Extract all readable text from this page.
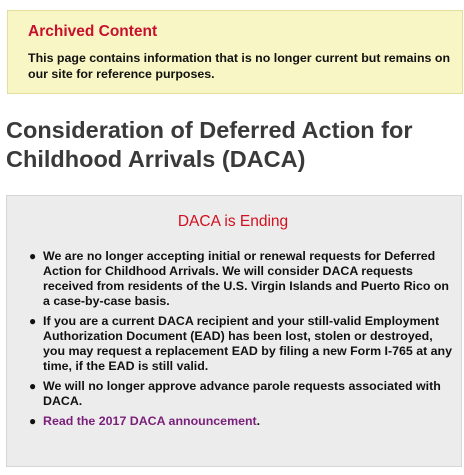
Archived Content

This page contains information that is no longer current but remains on our site for reference purposes.

Consideration of Deferred Action for Childhood Arrivals (DACA)
DACA is Ending
● We are no longer accepting initial or renewal requests for Deferred Action for Childhood Arrivals. We will consider DACA requests received from residents of the U.S. Virgin Islands and Puerto Rico on a case-by-case basis.
● If you are a current DACA recipient and your still-valid Employment Authorization Document (EAD) has been lost, stolen or destroyed, you may request a replacement EAD by filing a new Form I-765 at any time, if the EAD is still valid.
● We will no longer approve advance parole requests associated with DACA.
● Read the 2017 DACA announcement.
